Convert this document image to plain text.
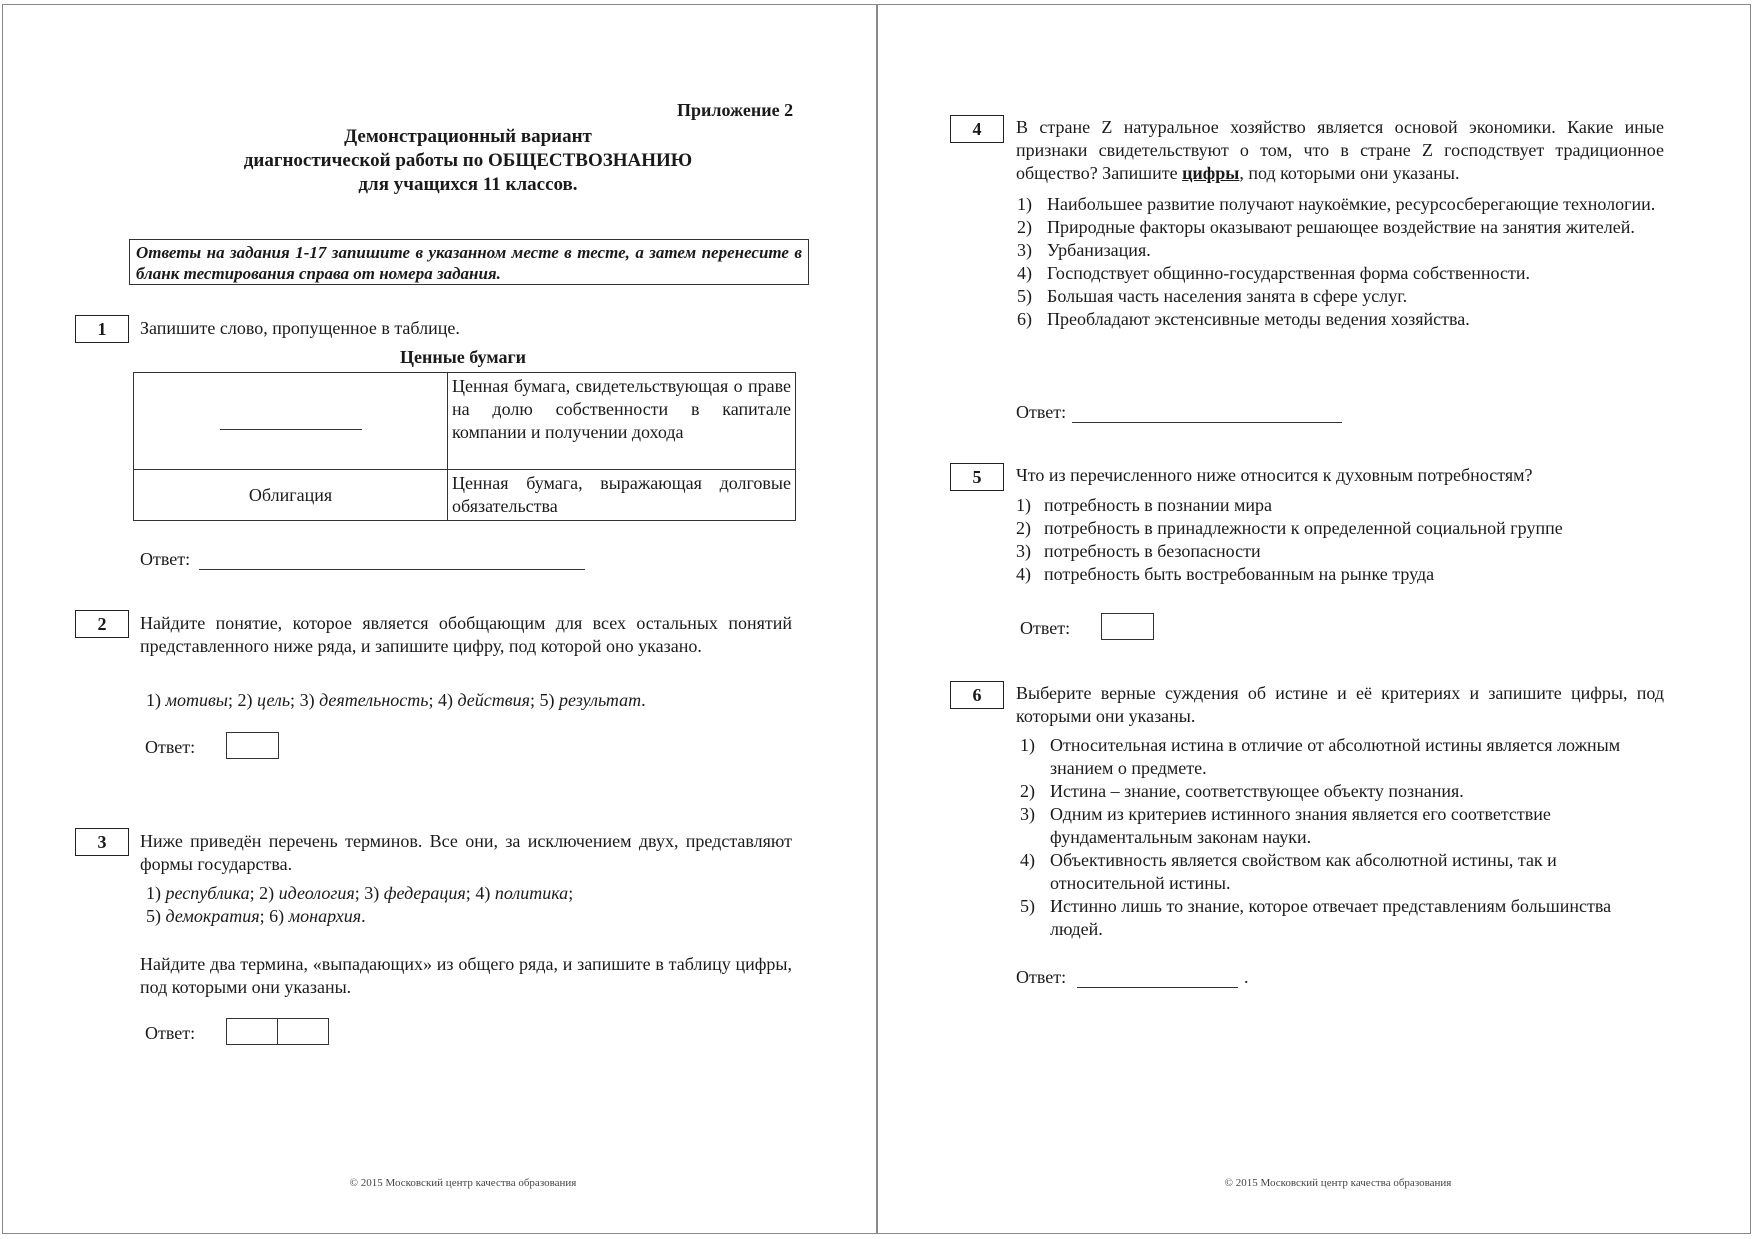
Приложение 2
Демонстрационный вариант
диагностической работы по ОБЩЕСТВОЗНАНИЮ
для учащихся 11 классов.
Ответы на задания 1-17 запишите в указанном месте в тесте, а затем перенесите в бланк тестирования справа от номера задания.
1	Запишите слово, пропущенное в таблице.
Ценные бумаги
	Ценная бумага, свидетельствующая о праве на долю собственности в капитале компании и получении дохода
Облигация	Ценная бумага, выражающая долговые обязательства
Ответ:
2	Найдите понятие, которое является обобщающим для всех остальных понятий представленного ниже ряда, и запишите цифру, под которой оно указано.
1) мотивы; 2) цель; 3) деятельность; 4) действия; 5) результат.
Ответ:
3	Ниже приведён перечень терминов. Все они, за исключением двух, представляют формы государства.
1) республика; 2) идеология; 3) федерация; 4) политика;
5) демократия; 6) монархия.
Найдите два термина, «выпадающих» из общего ряда, и запишите в таблицу цифры, под которыми они указаны.
Ответ:
© 2015 Московский центр качества образования
4	В стране Z натуральное хозяйство является основой экономики. Какие иные признаки свидетельствуют о том, что в стране Z господствует традиционное общество? Запишите цифры, под которыми они указаны.
1) Наибольшее развитие получают наукоёмкие, ресурсосберегающие технологии.
2) Природные факторы оказывают решающее воздействие на занятия жителей.
3) Урбанизация.
4) Господствует общинно-государственная форма собственности.
5) Большая часть населения занята в сфере услуг.
6) Преобладают экстенсивные методы ведения хозяйства.
Ответ:
5	Что из перечисленного ниже относится к духовным потребностям?
1) потребность в познании мира
2) потребность в принадлежности к определенной социальной группе
3) потребность в безопасности
4) потребность быть востребованным на рынке труда
Ответ:
6	Выберите верные суждения об истине и её критериях и запишите цифры, под которыми они указаны.
1) Относительная истина в отличие от абсолютной истины является ложным знанием о предмете.
2) Истина – знание, соответствующее объекту познания.
3) Одним из критериев истинного знания является его соответствие фундаментальным законам науки.
4) Объективность является свойством как абсолютной истины, так и относительной истины.
5) Истинно лишь то знание, которое отвечает представлениям большинства людей.
Ответ:	.
© 2015 Московский центр качества образования
